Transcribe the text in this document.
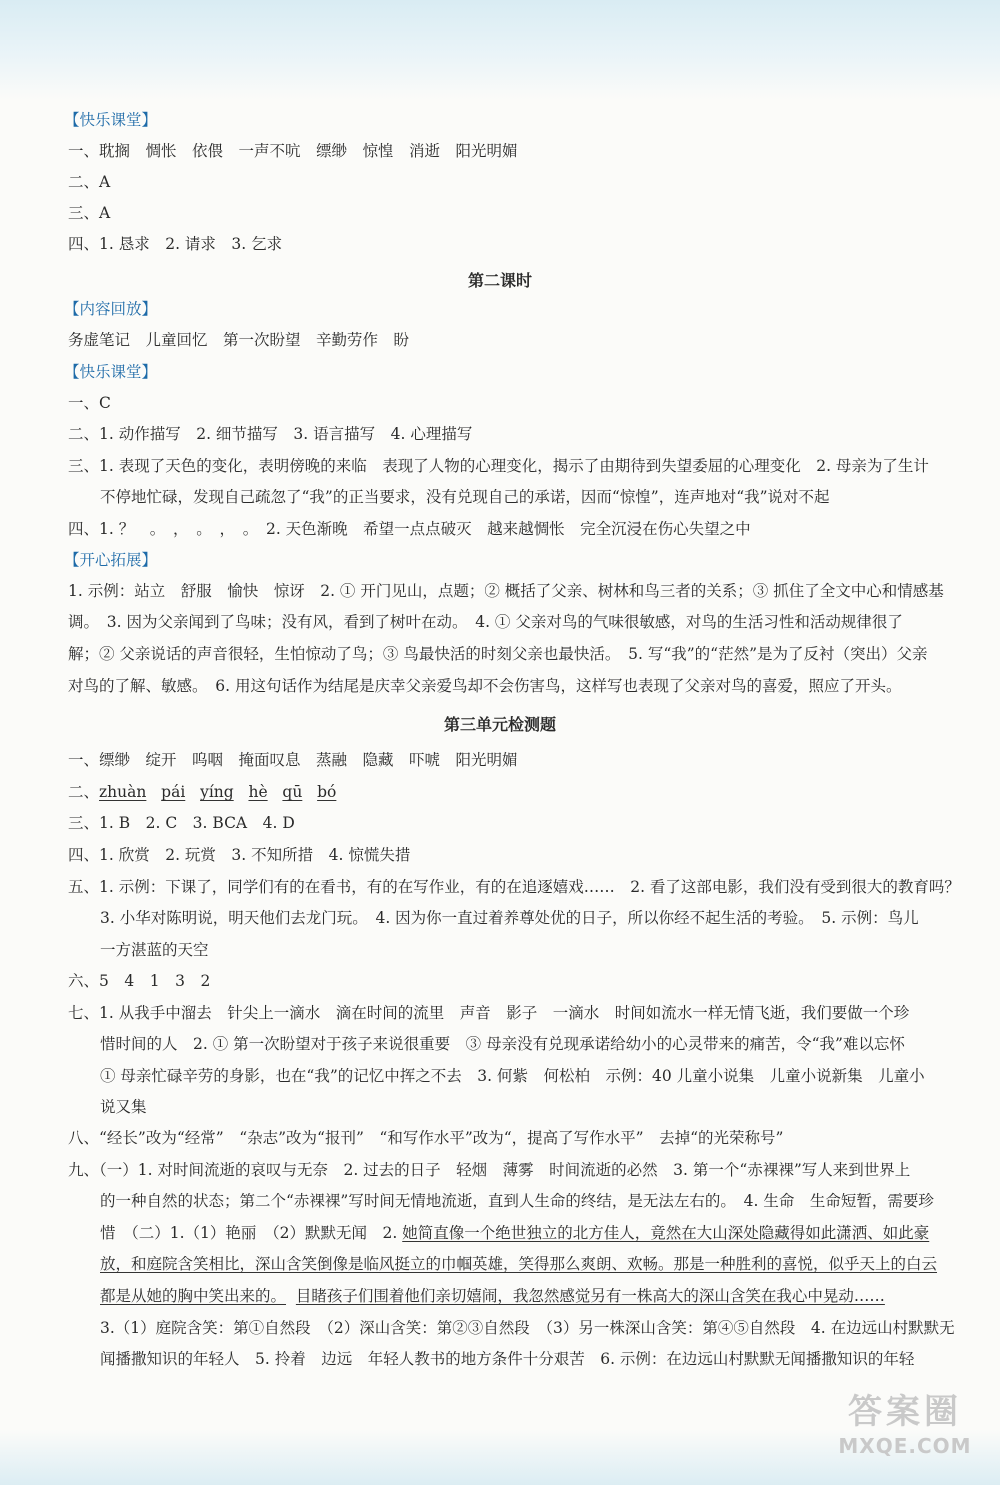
【快乐课堂】
一、耽搁　惆怅　依偎　一声不吭　缥缈　惊惶　消逝　阳光明媚
二、A
三、A
四、1. 恳求　2. 请求　3. 乞求
第二课时
【内容回放】
务虚笔记　儿童回忆　第一次盼望　辛勤劳作　盼
【快乐课堂】
一、C
二、1. 动作描写　2. 细节描写　3. 语言描写　4. 心理描写
三、1. 表现了天色的变化，表明傍晚的来临　表现了人物的心理变化，揭示了由期待到失望委屈的心理变化　2. 母亲为了生计
不停地忙碌，发现自己疏忽了“我”的正当要求，没有兑现自己的承诺，因而“惊惶”，连声地对“我”说对不起
四、1. ？　。　，　。　，　。　2. 天色渐晚　希望一点点破灭　越来越惆怅　完全沉浸在伤心失望之中
【开心拓展】
1. 示例：站立　舒服　愉快　惊讶　2. ① 开门见山，点题；② 概括了父亲、树林和鸟三者的关系；③ 抓住了全文中心和情感基
调。　3. 因为父亲闻到了鸟味；没有风，看到了树叶在动。　4. ① 父亲对鸟的气味很敏感，对鸟的生活习性和活动规律很了
解；② 父亲说话的声音很轻，生怕惊动了鸟；③ 鸟最快活的时刻父亲也最快活。　5. 写“我”的“茫然”是为了反衬（突出）父亲
对鸟的了解、敏感。　6. 用这句话作为结尾是庆幸父亲爱鸟却不会伤害鸟，这样写也表现了父亲对鸟的喜爱，照应了开头。
第三单元检测题
一、缥缈　绽开　呜咽　掩面叹息　蒸融　隐藏　吓唬　阳光明媚
二、zhuàn pái yíng hè qū bó
三、1. B　2. C　3. BCA　4. D
四、1. 欣赏　2. 玩赏　3. 不知所措　4. 惊慌失措
五、1. 示例：下课了，同学们有的在看书，有的在写作业，有的在追逐嬉戏……　2. 看了这部电影，我们没有受到很大的教育吗？
3. 小华对陈明说，明天他们去龙门玩。　4. 因为你一直过着养尊处优的日子，所以你经不起生活的考验。　5. 示例：鸟儿
一方湛蓝的天空
六、5　4　1　3　2
七、1. 从我手中溜去　针尖上一滴水　滴在时间的流里　声音　影子　一滴水　时间如流水一样无情飞逝，我们要做一个珍
惜时间的人　2. ① 第一次盼望对于孩子来说很重要　③ 母亲没有兑现承诺给幼小的心灵带来的痛苦，令“我”难以忘怀
① 母亲忙碌辛劳的身影，也在“我”的记忆中挥之不去　3. 何紫　何松柏　示例：40 儿童小说集　儿童小说新集　儿童小
说又集
八、“经长”改为“经常”　“杂志”改为“报刊”　“和写作水平”改为“，提高了写作水平”　去掉“的光荣称号”
九、（一）1. 对时间流逝的哀叹与无奈　2. 过去的日子　轻烟　薄雾　时间流逝的必然　3. 第一个“赤裸裸”写人来到世界上
的一种自然的状态；第二个“赤裸裸”写时间无情地流逝，直到人生命的终结，是无法左右的。　4. 生命　生命短暂，需要珍
惜　（二）1.（1）艳丽　（2）默默无闻　2. 她简直像一个绝世独立的北方佳人，竟然在大山深处隐藏得如此潇洒、如此豪
放，和庭院含笑相比，深山含笑倒像是临风挺立的巾帼英雄，笑得那么爽朗、欢畅。那是一种胜利的喜悦，似乎天上的白云
都是从她的胸中笑出来的。 目睹孩子们围着他们亲切嬉闹，我忽然感觉另有一株高大的深山含笑在我心中晃动……
3.（1）庭院含笑：第①自然段　（2）深山含笑：第②③自然段　（3）另一株深山含笑：第④⑤自然段　4. 在边远山村默默无
闻播撒知识的年轻人　5. 拎着　边远　年轻人教书的地方条件十分艰苦　6. 示例：在边远山村默默无闻播撒知识的年轻
答案圈
MXQE.COM
